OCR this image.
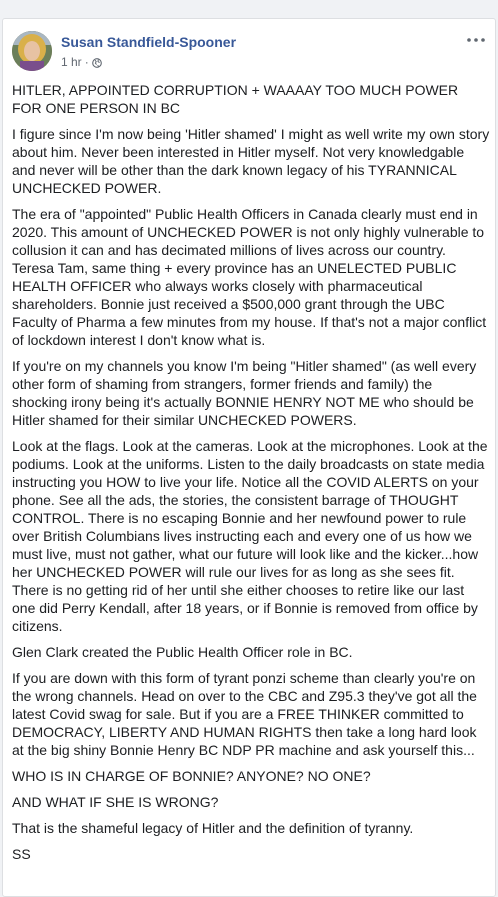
Susan Standfield-Spooner
1 hr ·

HITLER, APPOINTED CORRUPTION + WAAAAY TOO MUCH POWER FOR ONE PERSON IN BC

I figure since I'm now being 'Hitler shamed' I might as well write my own story about him. Never been interested in Hitler myself. Not very knowledgable and never will be other than the dark known legacy of his TYRANNICAL UNCHECKED POWER.

The era of "appointed" Public Health Officers in Canada clearly must end in 2020. This amount of UNCHECKED POWER is not only highly vulnerable to collusion it can and has decimated millions of lives across our country. Teresa Tam, same thing + every province has an UNELECTED PUBLIC HEALTH OFFICER who always works closely with pharmaceutical shareholders. Bonnie just received a $500,000 grant through the UBC Faculty of Pharma a few minutes from my house. If that's not a major conflict of lockdown interest I don't know what is.

If you're on my channels you know I'm being "Hitler shamed" (as well every other form of shaming from strangers, former friends and family) the shocking irony being it's actually BONNIE HENRY NOT ME who should be Hitler shamed for their similar UNCHECKED POWERS.

Look at the flags. Look at the cameras. Look at the microphones. Look at the podiums. Look at the uniforms. Listen to the daily broadcasts on state media instructing you HOW to live your life. Notice all the COVID ALERTS on your phone. See all the ads, the stories, the consistent barrage of THOUGHT CONTROL. There is no escaping Bonnie and her newfound power to rule over British Columbians lives instructing each and every one of us how we must live, must not gather, what our future will look like and the kicker...how her UNCHECKED POWER will rule our lives for as long as she sees fit. There is no getting rid of her until she either chooses to retire like our last one did Perry Kendall, after 18 years, or if Bonnie is removed from office by citizens.

Glen Clark created the Public Health Officer role in BC.

If you are down with this form of tyrant ponzi scheme than clearly you're on the wrong channels. Head on over to the CBC and Z95.3 they've got all the latest Covid swag for sale. But if you are a FREE THINKER committed to DEMOCRACY, LIBERTY AND HUMAN RIGHTS then take a long hard look at the big shiny Bonnie Henry BC NDP PR machine and ask yourself this...

WHO IS IN CHARGE OF BONNIE? ANYONE? NO ONE?

AND WHAT IF SHE IS WRONG?

That is the shameful legacy of Hitler and the definition of tyranny.

SS
